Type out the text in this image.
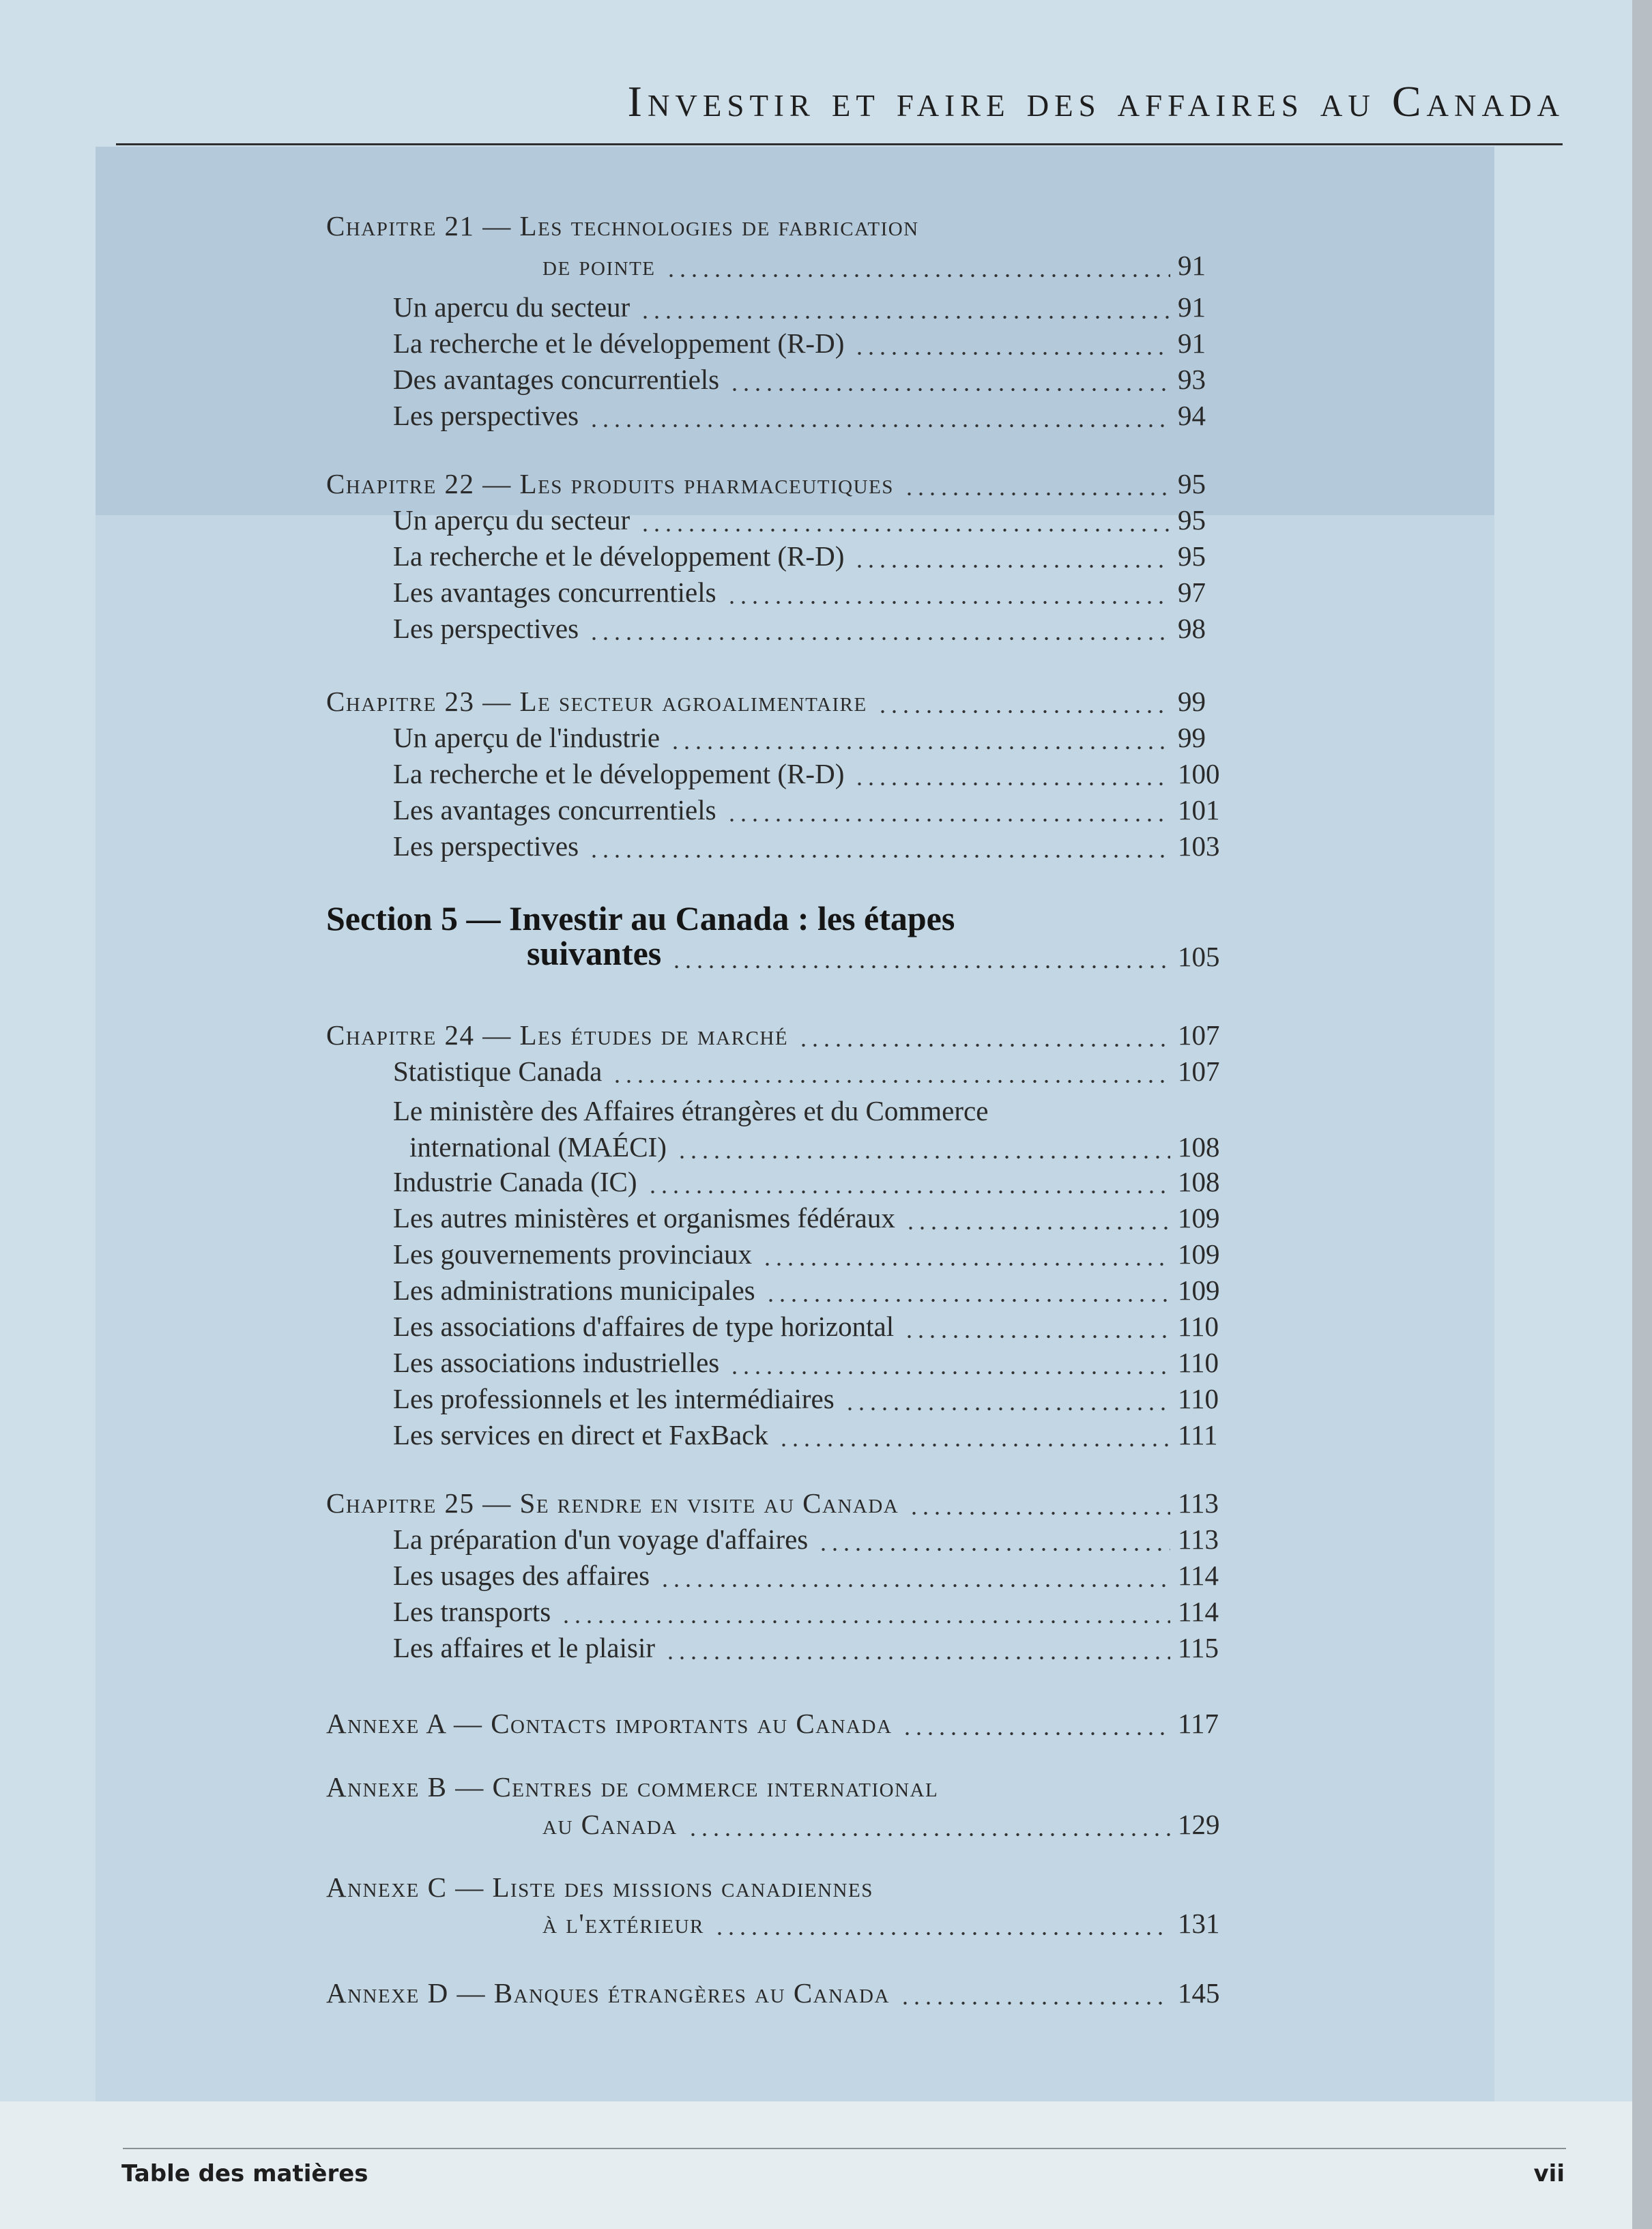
Investir et faire des affaires au Canada
Chapitre 21 — Les technologies de fabrication
de pointe	91
Un apercu du secteur	91
La recherche et le développement (R-D)	91
Des avantages concurrentiels	93
Les perspectives	94
Chapitre 22 — Les produits pharmaceutiques	95
Un aperçu du secteur	95
La recherche et le développement (R-D)	95
Les avantages concurrentiels	97
Les perspectives	98
Chapitre 23 — Le secteur agroalimentaire	99
Un aperçu de l'industrie	99
La recherche et le développement (R-D)	100
Les avantages concurrentiels	101
Les perspectives	103
Section 5 — Investir au Canada : les étapes
suivantes	105
Chapitre 24 — Les études de marché	107
Statistique Canada	107
Le ministère des Affaires étrangères et du Commerce
international (MAÉCI)	108
Industrie Canada (IC)	108
Les autres ministères et organismes fédéraux	109
Les gouvernements provinciaux	109
Les administrations municipales	109
Les associations d'affaires de type horizontal	110
Les associations industrielles	110
Les professionnels et les intermédiaires	110
Les services en direct et FaxBack	111
Chapitre 25 — Se rendre en visite au Canada	113
La préparation d'un voyage d'affaires	113
Les usages des affaires	114
Les transports	114
Les affaires et le plaisir	115
Annexe A — Contacts importants au Canada	117
Annexe B — Centres de commerce international
au Canada	129
Annexe C — Liste des missions canadiennes
à l'extérieur	131
Annexe D — Banques étrangères au Canada	145
Table des matières	vii
